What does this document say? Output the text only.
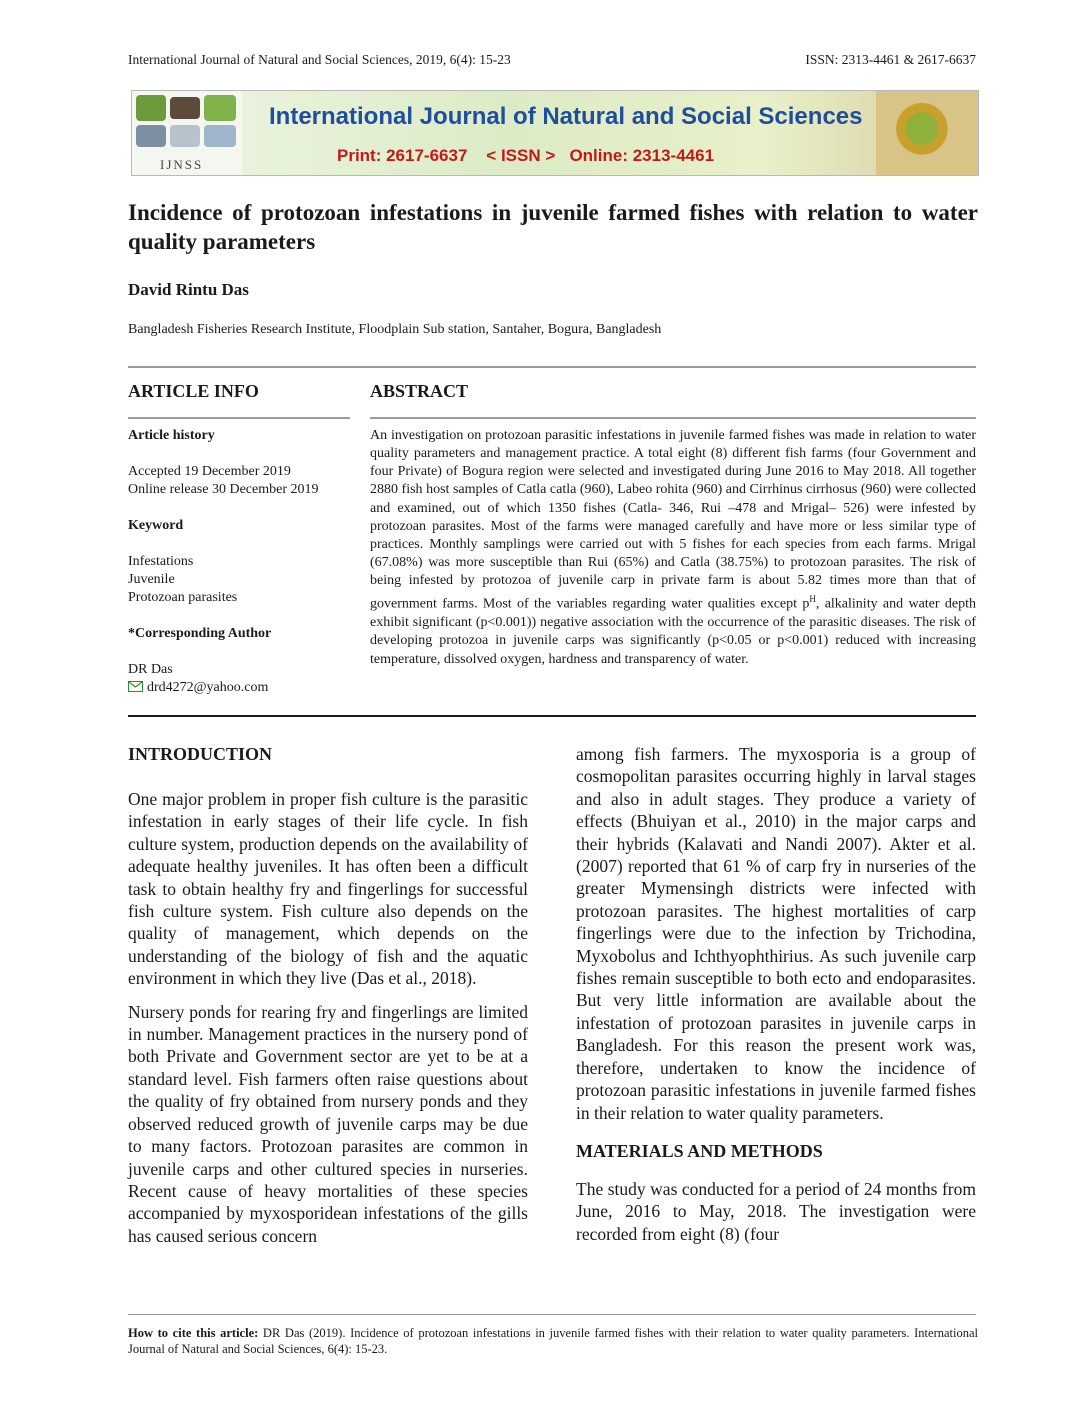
International Journal of Natural and Social Sciences, 2019, 6(4): 15-23	ISSN: 2313-4461 & 2617-6637
IJNSS
International Journal of Natural and Social Sciences
Print: 2617-6637    < ISSN >   Online: 2313-4461
Incidence of protozoan infestations in juvenile farmed fishes with relation to water quality parameters
David Rintu Das
Bangladesh Fisheries Research Institute, Floodplain Sub station, Santaher, Bogura, Bangladesh
ARTICLE INFO	ABSTRACT
Article history
Accepted 19 December 2019
Online release 30 December 2019
Keyword
Infestations
Juvenile
Protozoan parasites
*Corresponding Author
DR Das
drd4272@yahoo.com
An investigation on protozoan parasitic infestations in juvenile farmed fishes was made in relation to water quality parameters and management practice. A total eight (8) different fish farms (four Government and four Private) of Bogura region were selected and investigated during June 2016 to May 2018. All together 2880 fish host samples of Catla catla (960), Labeo rohita (960) and Cirrhinus cirrhosus (960) were collected and examined, out of which 1350 fishes (Catla- 346, Rui –478 and Mrigal– 526) were infested by protozoan parasites. Most of the farms were managed carefully and have more or less similar type of practices. Monthly samplings were carried out with 5 fishes for each species from each farms. Mrigal (67.08%) was more susceptible than Rui (65%) and Catla (38.75%) to protozoan parasites. The risk of being infested by protozoa of juvenile carp in private farm is about 5.82 times more than that of government farms. Most of the variables regarding water qualities except $p^H$, alkalinity and water depth exhibit significant (p<0.001)) negative association with the occurrence of the parasitic diseases. The risk of developing protozoa in juvenile carps was significantly (p<0.05 or p<0.001) reduced with increasing temperature, dissolved oxygen, hardness and transparency of water.
INTRODUCTION

One major problem in proper fish culture is the parasitic infestation in early stages of their life cycle. In fish culture system, production depends on the availability of adequate healthy juveniles. It has often been a difficult task to obtain healthy fry and fingerlings for successful fish culture system. Fish culture also depends on the quality of management, which depends on the understanding of the biology of fish and the aquatic environment in which they live (Das et al., 2018).

Nursery ponds for rearing fry and fingerlings are limited in number. Management practices in the nursery pond of both Private and Government sector are yet to be at a standard level. Fish farmers often raise questions about the quality of fry obtained from nursery ponds and they observed reduced growth of juvenile carps may be due to many factors. Protozoan parasites are common in juvenile carps and other cultured species in nurseries. Recent cause of heavy mortalities of these species accompanied by myxosporidean infestations of the gills has caused serious concern

among fish farmers. The myxosporia is a group of cosmopolitan parasites occurring highly in larval stages and also in adult stages. They produce a variety of effects (Bhuiyan et al., 2010) in the major carps and their hybrids (Kalavati and Nandi 2007). Akter et al. (2007) reported that 61 % of carp fry in nurseries of the greater Mymensingh districts were infected with protozoan parasites. The highest mortalities of carp fingerlings were due to the infection by Trichodina, Myxobolus and Ichthyophthirius. As such juvenile carp fishes remain susceptible to both ecto and endoparasites. But very little information are available about the infestation of protozoan parasites in juvenile carps in Bangladesh. For this reason the present work was, therefore, undertaken to know the incidence of protozoan parasitic infestations in juvenile farmed fishes in their relation to water quality parameters.

MATERIALS AND METHODS

The study was conducted for a period of 24 months from June, 2016 to May, 2018. The investigation were recorded from eight (8) (four

How to cite this article: DR Das (2019). Incidence of protozoan infestations in juvenile farmed fishes with their relation to water quality parameters. International Journal of Natural and Social Sciences, 6(4): 15-23.
